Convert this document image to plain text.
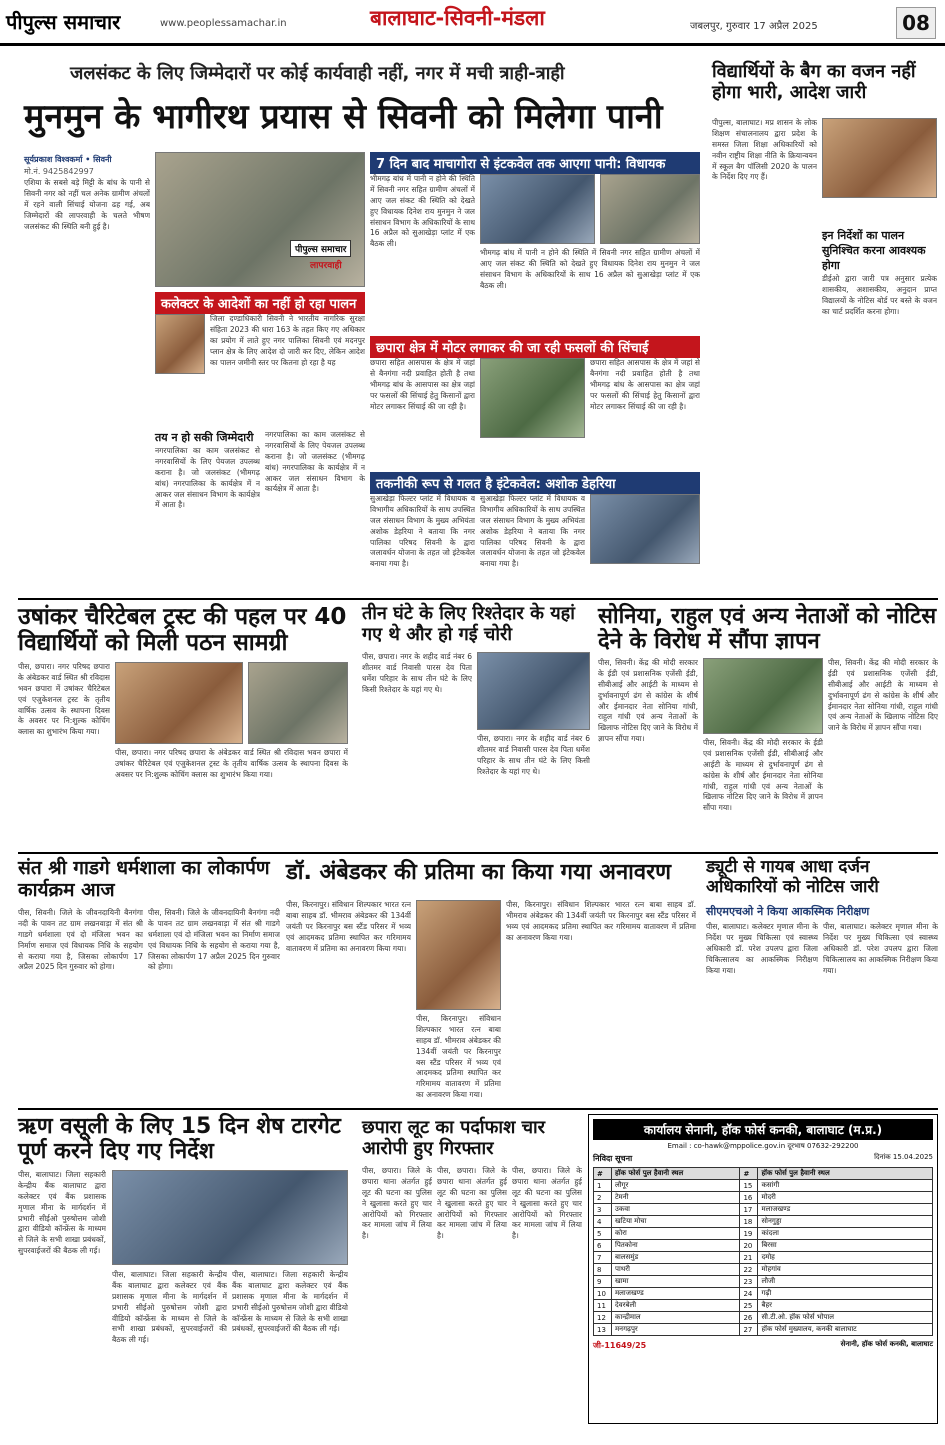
पीपुल्स समाचार	www.peoplessamachar.in	बालाघाट-सिवनी-मंडला	जबलपुर, गुरुवार 17 अप्रैल 2025	08
जलसंकट के लिए जिम्मेदारों पर कोई कार्यवाही नहीं, नगर में मची त्राही-त्राही
मुनमुन के भागीरथ प्रयास से सिवनी को मिलेगा पानी
सूर्यप्रकाश विश्वकर्मा • सिवनी
मो.नं. 9425842997
एशिया के सबसे बड़े मिट्टी के बांध के पानी से सिवनी नगर को नहीं चल अनेक ग्रामीण अंचलों में रहने वाली सिंचाई योजना ढह गई, अब जिम्मेदारों की लापरवाही के चलते भीषण जलसंकट की स्थिति बनी हुई है।
पीपुल्स समाचार
लापरवाही
कलेक्टर के आदेशों का नहीं हो रहा पालन
जिला दण्डाधिकारी सिवनी ने भारतीय नागरिक सुरक्षा संहिता 2023 की धारा 163 के तहत किए गए अधिकार का प्रयोग में लाते हुए नगर पालिका सिवनी एवं मदनपुर प्लान क्षेत्र के लिए आदेश दो जारी कर दिए, लेकिन आदेश का पालन जमीनी स्तर पर कितना हो रहा है यह
तय न हो सकी जिम्मेदारी
नगरपालिका का काम जलसंकट से नगरवासियों के लिए पेयजल उपलब्ध कराना है। जो जलसंकट (भीमगढ़ बांध) नगरपालिका के कार्यक्षेत्र में न आकर जल संसाधन विभाग के कार्यक्षेत्र में आता है।
नगरपालिका का काम जलसंकट से नगरवासियों के लिए पेयजल उपलब्ध कराना है। जो जलसंकट (भीमगढ़ बांध) नगरपालिका के कार्यक्षेत्र में न आकर जल संसाधन विभाग के कार्यक्षेत्र में आता है।
7 दिन बाद माचागोरा से इंटकवेल तक आएगा पानी: विधायक
भीमगढ़ बांध में पानी न होने की स्थिति में सिवनी नगर सहित ग्रामीण अंचलों में आए जल संकट की स्थिति को देखते हुए विधायक दिनेश राय मुनमुन ने जल संसाधन विभाग के अधिकारियों के साथ 16 अप्रैल को सुआखेड़ा प्लांट में एक बैठक ली।
भीमगढ़ बांध में पानी न होने की स्थिति में सिवनी नगर सहित ग्रामीण अंचलों में आए जल संकट की स्थिति को देखते हुए विधायक दिनेश राय मुनमुन ने जल संसाधन विभाग के अधिकारियों के साथ 16 अप्रैल को सुआखेड़ा प्लांट में एक बैठक ली।
छपारा क्षेत्र में मोटर लगाकर की जा रही फसलों की सिंचाई
छपारा सहित आसपास के क्षेत्र में जहां से बैनगंगा नदी प्रवाहित होती है तथा भीमगढ़ बांध के आसपास का क्षेत्र जहां पर फसलों की सिंचाई हेतु किसानों द्वारा मोटर लगाकर सिंचाई की जा रही है।
छपारा सहित आसपास के क्षेत्र में जहां से बैनगंगा नदी प्रवाहित होती है तथा भीमगढ़ बांध के आसपास का क्षेत्र जहां पर फसलों की सिंचाई हेतु किसानों द्वारा मोटर लगाकर सिंचाई की जा रही है।
तकनीकी रूप से गलत है इंटेकवेल: अशोक डेहरिया
सुआखेड़ा फिल्टर प्लांट में विधायक व विभागीय अधिकारियों के साथ उपस्थित जल संसाधन विभाग के मुख्य अभियंता अशोक डेहरिया ने बताया कि नगर पालिका परिषद सिवनी के द्वारा जलावर्धन योजना के तहत जो इंटेकवेल बनाया गया है।
सुआखेड़ा फिल्टर प्लांट में विधायक व विभागीय अधिकारियों के साथ उपस्थित जल संसाधन विभाग के मुख्य अभियंता अशोक डेहरिया ने बताया कि नगर पालिका परिषद सिवनी के द्वारा जलावर्धन योजना के तहत जो इंटेकवेल बनाया गया है।
विद्यार्थियों के बैग का वजन नहीं होगा भारी, आदेश जारी
पीपुल्स, बालाघाट। मप्र शासन के लोक शिक्षण संचालनालय द्वारा प्रदेश के समस्त जिला शिक्षा अधिकारियों को नवीन राष्ट्रीय शिक्षा नीति के क्रियान्वयन में स्कूल बैग पॉलिसी 2020 के पालन के निर्देश दिए गए हैं।
इन निर्देशों का पालन सुनिश्चित करना आवश्यक होगा
डीईओ द्वारा जारी पत्र अनुसार प्रत्येक शासकीय, अशासकीय, अनुदान प्राप्त विद्यालयों के नोटिस बोर्ड पर बस्ते के वजन का चार्ट प्रदर्शित करना होगा।
उषांकर चैरिटेबल ट्रस्ट की पहल पर 40 विद्यार्थियों को मिली पठन सामग्री
पीस, छपारा। नगर परिषद छपारा के अंबेडकर वार्ड स्थित श्री रविदास भवन छपारा में उषांकर चैरिटेबल एवं एजुकेशनल ट्रस्ट के तृतीय वार्षिक उत्सव के स्थापना दिवस के अवसर पर नि:शुल्क कोचिंग क्लास का शुभारंभ किया गया।
पीस, छपारा। नगर परिषद छपारा के अंबेडकर वार्ड स्थित श्री रविदास भवन छपारा में उषांकर चैरिटेबल एवं एजुकेशनल ट्रस्ट के तृतीय वार्षिक उत्सव के स्थापना दिवस के अवसर पर नि:शुल्क कोचिंग क्लास का शुभारंभ किया गया।
तीन घंटे के लिए रिश्तेदार के यहां गए थे और हो गई चोरी
पीस, छपारा। नगर के शहीद वार्ड नंबर 6 शीतमर वार्ड निवासी पारस देव पिता धर्मेश परिहार के साथ तीन घंटे के लिए किसी रिश्तेदार के यहां गए थे।
पीस, छपारा। नगर के शहीद वार्ड नंबर 6 शीतमर वार्ड निवासी पारस देव पिता धर्मेश परिहार के साथ तीन घंटे के लिए किसी रिश्तेदार के यहां गए थे।
सोनिया, राहुल एवं अन्य नेताओं को नोटिस देने के विरोध में सौंपा ज्ञापन
पीस, सिवनी। केंद्र की मोदी सरकार के ईडी एवं प्रशासनिक एजेंसी ईडी, सीबीआई और आईटी के माध्यम से दुर्भावनापूर्ण ढंग से कांग्रेस के शीर्ष और ईमानदार नेता सोनिया गांधी, राहुल गांधी एवं अन्य नेताओं के खिलाफ नोटिस दिए जाने के विरोध में ज्ञापन सौंपा गया।	पीस, सिवनी। केंद्र की मोदी सरकार के ईडी एवं प्रशासनिक एजेंसी ईडी, सीबीआई और आईटी के माध्यम से दुर्भावनापूर्ण ढंग से कांग्रेस के शीर्ष और ईमानदार नेता सोनिया गांधी, राहुल गांधी एवं अन्य नेताओं के खिलाफ नोटिस दिए जाने के विरोध में ज्ञापन सौंपा गया।
पीस, सिवनी। केंद्र की मोदी सरकार के ईडी एवं प्रशासनिक एजेंसी ईडी, सीबीआई और आईटी के माध्यम से दुर्भावनापूर्ण ढंग से कांग्रेस के शीर्ष और ईमानदार नेता सोनिया गांधी, राहुल गांधी एवं अन्य नेताओं के खिलाफ नोटिस दिए जाने के विरोध में ज्ञापन सौंपा गया।
संत श्री गाडगे धर्मशाला का लोकार्पण कार्यक्रम आज
पीस, सिवनी। जिले के जीवनदायिनी बैनगंगा नदी के पावन तट ग्राम लखनवाड़ा में संत श्री गाडगे धर्मशाला एवं दो मंजिला भवन का निर्माण समाज एवं विधायक निधि के सहयोग से कराया गया है, जिसका लोकार्पण 17 अप्रैल 2025 दिन गुरुवार को होगा।
पीस, सिवनी। जिले के जीवनदायिनी बैनगंगा नदी के पावन तट ग्राम लखनवाड़ा में संत श्री गाडगे धर्मशाला एवं दो मंजिला भवन का निर्माण समाज एवं विधायक निधि के सहयोग से कराया गया है, जिसका लोकार्पण 17 अप्रैल 2025 दिन गुरुवार को होगा।
डॉ. अंबेडकर की प्रतिमा का किया गया अनावरण
पीस, किरनापुर। संविधान शिल्पकार भारत रत्न बाबा साहब डॉ. भीमराव अंबेडकर की 134वीं जयंती पर किरनापुर बस स्टैंड परिसर में भव्य एवं आदमकद प्रतिमा स्थापित कर गरिमामय वातावरण में प्रतिमा का अनावरण किया गया।
पीस, किरनापुर। संविधान शिल्पकार भारत रत्न बाबा साहब डॉ. भीमराव अंबेडकर की 134वीं जयंती पर किरनापुर बस स्टैंड परिसर में भव्य एवं आदमकद प्रतिमा स्थापित कर गरिमामय वातावरण में प्रतिमा का अनावरण किया गया।
पीस, किरनापुर। संविधान शिल्पकार भारत रत्न बाबा साहब डॉ. भीमराव अंबेडकर की 134वीं जयंती पर किरनापुर बस स्टैंड परिसर में भव्य एवं आदमकद प्रतिमा स्थापित कर गरिमामय वातावरण में प्रतिमा का अनावरण किया गया।
ड्यूटी से गायब आधा दर्जन अधिकारियों को नोटिस जारी
सीएमएचओ ने किया आकस्मिक निरीक्षण
पीस, बालाघाट। कलेक्टर मृणाल मीना के निर्देश पर मुख्य चिकित्सा एवं स्वास्थ्य अधिकारी डॉ. परेश उपलप द्वारा जिला चिकित्सालय का आकस्मिक निरीक्षण किया गया।
पीस, बालाघाट। कलेक्टर मृणाल मीना के निर्देश पर मुख्य चिकित्सा एवं स्वास्थ्य अधिकारी डॉ. परेश उपलप द्वारा जिला चिकित्सालय का आकस्मिक निरीक्षण किया गया।
ऋण वसूली के लिए 15 दिन शेष टारगेट पूर्ण करने दिए गए निर्देश
पीस, बालाघाट। जिला सहकारी केन्द्रीय बैंक बालाघाट द्वारा कलेक्टर एवं बैंक प्रशासक मृणाल मीना के मार्गदर्शन में प्रभारी सीईओ पुरुषोत्तम जोशी द्वारा वीडियो कॉन्फ्रेंस के माध्यम से जिले के सभी शाखा प्रबंधकों, सुपरवाईजरों की बैठक ली गई।
पीस, बालाघाट। जिला सहकारी केन्द्रीय बैंक बालाघाट द्वारा कलेक्टर एवं बैंक प्रशासक मृणाल मीना के मार्गदर्शन में प्रभारी सीईओ पुरुषोत्तम जोशी द्वारा वीडियो कॉन्फ्रेंस के माध्यम से जिले के सभी शाखा प्रबंधकों, सुपरवाईजरों की बैठक ली गई।
पीस, बालाघाट। जिला सहकारी केन्द्रीय बैंक बालाघाट द्वारा कलेक्टर एवं बैंक प्रशासक मृणाल मीना के मार्गदर्शन में प्रभारी सीईओ पुरुषोत्तम जोशी द्वारा वीडियो कॉन्फ्रेंस के माध्यम से जिले के सभी शाखा प्रबंधकों, सुपरवाईजरों की बैठक ली गई।
छपारा लूट का पर्दाफाश चार आरोपी हुए गिरफ्तार
पीस, छपारा। जिले के छपारा थाना अंतर्गत हुई लूट की घटना का पुलिस ने खुलासा करते हुए चार आरोपियों को गिरफ्तार कर मामला जांच में लिया है।
पीस, छपारा। जिले के छपारा थाना अंतर्गत हुई लूट की घटना का पुलिस ने खुलासा करते हुए चार आरोपियों को गिरफ्तार कर मामला जांच में लिया है।
पीस, छपारा। जिले के छपारा थाना अंतर्गत हुई लूट की घटना का पुलिस ने खुलासा करते हुए चार आरोपियों को गिरफ्तार कर मामला जांच में लिया है।
कार्यालय सेनानी, हॉक फोर्स कनकी, बालाघाट (म.प्र.)
Email : co-hawk@mppolice.gov.in दूरभाष 07632-292200
निविदा सूचना	दिनांक 15.04.2025
#	हॉक फोर्स पुल हैवानी स्थल	#	हॉक फोर्स पुल हैवानी स्थल
1	लौगूर	15	कसांगी
2	टेमनी	16	मोदरी
3	उकवा	17	मलाजखण्ड
4	खटिया मोचा	18	सोनगुड्डा
5	कोरा	19	कांदला
6	पितकोना	20	बिरसा
7	बालसमुंड	21	दमोह
8	पाथरी	22	मोहगांव
9	खामा	23	लौजी
10	मलाजखण्ड	24	गढ़ी
11	देवरबेली	25	बैहर
12	कान्द्रीमाल	26	सी.टी.ओ. हॉक फोर्स भोपाल
13	मनगढ़पुर	27	हॉक फोर्स मुख्यालय, कनकी बालाघाट
जी-11649/25	सेनानी, हॉक फोर्स कनकी, बालाघाट
